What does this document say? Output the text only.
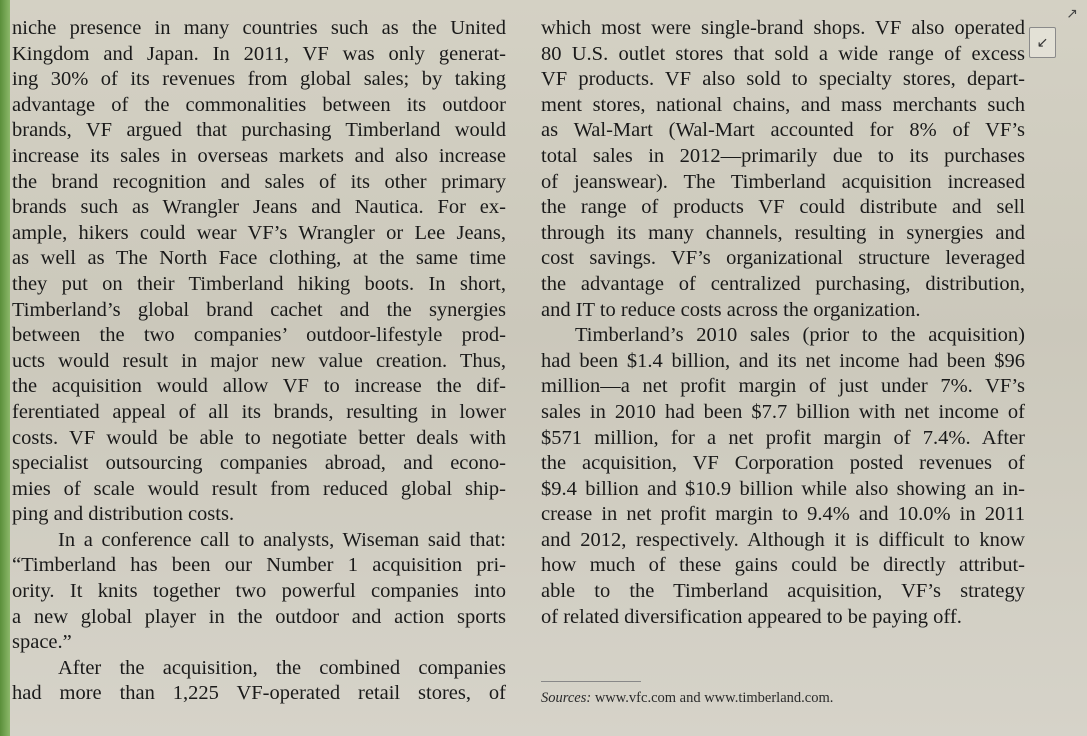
niche presence in many countries such as the United
Kingdom and Japan. In 2011, VF was only generat-
ing 30% of its revenues from global sales; by taking
advantage of the commonalities between its outdoor
brands, VF argued that purchasing Timberland would
increase its sales in overseas markets and also increase
the brand recognition and sales of its other primary
brands such as Wrangler Jeans and Nautica. For ex-
ample, hikers could wear VF’s Wrangler or Lee Jeans,
as well as The North Face clothing, at the same time
they put on their Timberland hiking boots. In short,
Timberland’s global brand cachet and the synergies
between the two companies’ outdoor-lifestyle prod-
ucts would result in major new value creation. Thus,
the acquisition would allow VF to increase the dif-
ferentiated appeal of all its brands, resulting in lower
costs. VF would be able to negotiate better deals with
specialist outsourcing companies abroad, and econo-
mies of scale would result from reduced global ship-
ping and distribution costs.
In a conference call to analysts, Wiseman said that:
“Timberland has been our Number 1 acquisition pri-
ority. It knits together two powerful companies into
a new global player in the outdoor and action sports
space.”
After the acquisition, the combined companies
had more than 1,225 VF-operated retail stores, of
which most were single-brand shops. VF also operated
80 U.S. outlet stores that sold a wide range of excess
VF products. VF also sold to specialty stores, depart-
ment stores, national chains, and mass merchants such
as Wal-Mart (Wal-Mart accounted for 8% of VF’s
total sales in 2012—primarily due to its purchases
of jeanswear). The Timberland acquisition increased
the range of products VF could distribute and sell
through its many channels, resulting in synergies and
cost savings. VF’s organizational structure leveraged
the advantage of centralized purchasing, distribution,
and IT to reduce costs across the organization.
Timberland’s 2010 sales (prior to the acquisition)
had been $1.4 billion, and its net income had been $96
million—a net profit margin of just under 7%. VF’s
sales in 2010 had been $7.7 billion with net income of
$571 million, for a net profit margin of 7.4%. After
the acquisition, VF Corporation posted revenues of
$9.4 billion and $10.9 billion while also showing an in-
crease in net profit margin to 9.4% and 10.0% in 2011
and 2012, respectively. Although it is difficult to know
how much of these gains could be directly attribut-
able to the Timberland acquisition, VF’s strategy
of related diversification appeared to be paying off.
Sources: www.vfc.com and www.timberland.com.
↙
↗
